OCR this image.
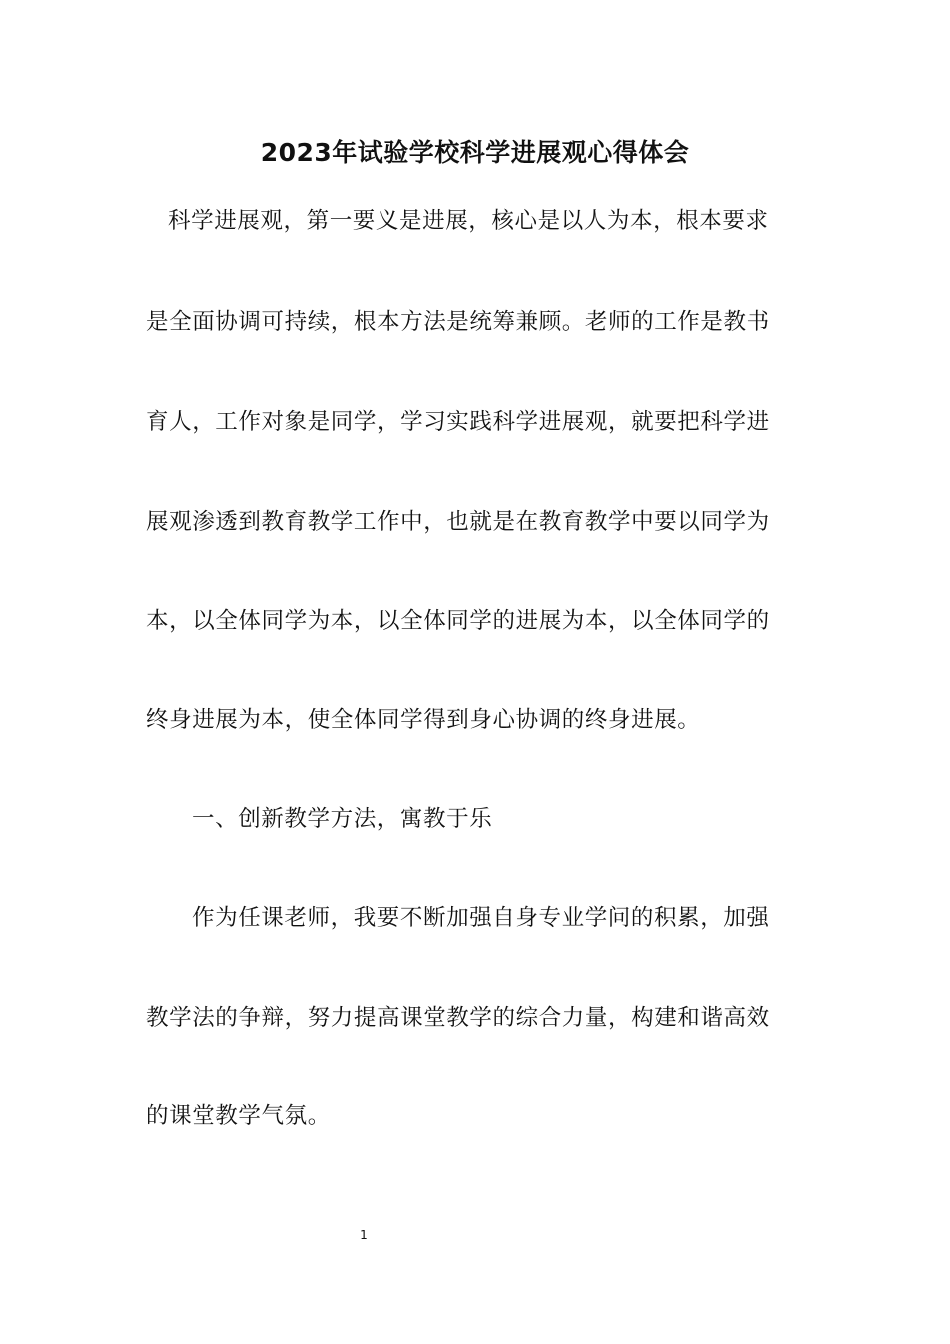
2023年试验学校科学进展观心得体会
科学进展观，第一要义是进展，核心是以人为本，根本要求
是全面协调可持续，根本方法是统筹兼顾。老师的工作是教书
育人，工作对象是同学，学习实践科学进展观，就要把科学进
展观渗透到教育教学工作中，也就是在教育教学中要以同学为
本，以全体同学为本，以全体同学的进展为本，以全体同学的
终身进展为本，使全体同学得到身心协调的终身进展。
一、创新教学方法，寓教于乐
作为任课老师，我要不断加强自身专业学问的积累，加强
教学法的争辩，努力提高课堂教学的综合力量，构建和谐高效
的课堂教学气氛。
1
